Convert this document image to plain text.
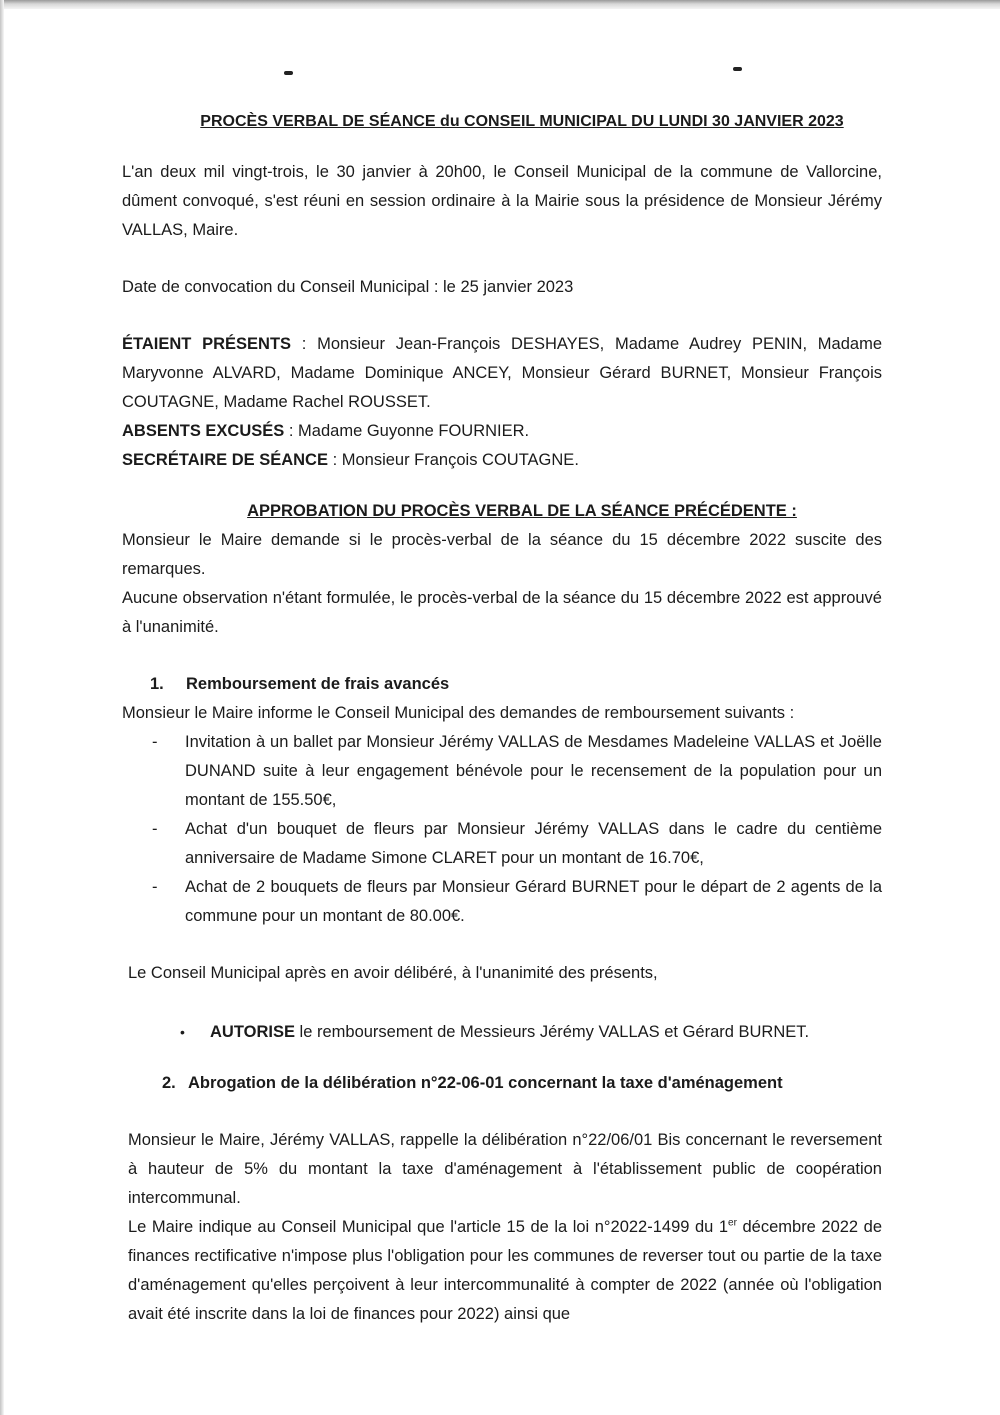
PROCÈS VERBAL DE SÉANCE du CONSEIL MUNICIPAL DU LUNDI 30 JANVIER 2023

L'an deux mil vingt-trois, le 30 janvier à 20h00, le Conseil Municipal de la commune de Vallorcine, dûment convoqué, s'est réuni en session ordinaire à la Mairie sous la présidence de Monsieur Jérémy VALLAS, Maire.

Date de convocation du Conseil Municipal : le 25 janvier 2023

ÉTAIENT PRÉSENTS : Monsieur Jean-François DESHAYES, Madame Audrey PENIN, Madame Maryvonne ALVARD, Madame Dominique ANCEY, Monsieur Gérard BURNET, Monsieur François COUTAGNE, Madame Rachel ROUSSET.

ABSENTS EXCUSÉS : Madame Guyonne FOURNIER.

SECRÉTAIRE DE SÉANCE : Monsieur François COUTAGNE.

APPROBATION DU PROCÈS VERBAL DE LA SÉANCE PRÉCÉDENTE :

Monsieur le Maire demande si le procès-verbal de la séance du 15 décembre 2022 suscite des remarques.

Aucune observation n'étant formulée, le procès-verbal de la séance du 15 décembre 2022 est approuvé à l'unanimité.

1. Remboursement de frais avancés

Monsieur le Maire informe le Conseil Municipal des demandes de remboursement suivants :

- Invitation à un ballet par Monsieur Jérémy VALLAS de Mesdames Madeleine VALLAS et Joëlle DUNAND suite à leur engagement bénévole pour le recensement de la population pour un montant de 155.50€,
- Achat d'un bouquet de fleurs par Monsieur Jérémy VALLAS dans le cadre du centième anniversaire de Madame Simone CLARET pour un montant de 16.70€,
- Achat de 2 bouquets de fleurs par Monsieur Gérard BURNET pour le départ de 2 agents de la commune pour un montant de 80.00€.

Le Conseil Municipal après en avoir délibéré, à l'unanimité des présents,

• AUTORISE le remboursement de Messieurs Jérémy VALLAS et Gérard BURNET.

2. Abrogation de la délibération n°22-06-01 concernant la taxe d'aménagement

Monsieur le Maire, Jérémy VALLAS, rappelle la délibération n°22/06/01 Bis concernant le reversement à hauteur de 5% du montant la taxe d'aménagement à l'établissement public de coopération intercommunal.

Le Maire indique au Conseil Municipal que l'article 15 de la loi n°2022-1499 du 1er décembre 2022 de finances rectificative n'impose plus l'obligation pour les communes de reverser tout ou partie de la taxe d'aménagement qu'elles perçoivent à leur intercommunalité à compter de 2022 (année où l'obligation avait été inscrite dans la loi de finances pour 2022) ainsi que
